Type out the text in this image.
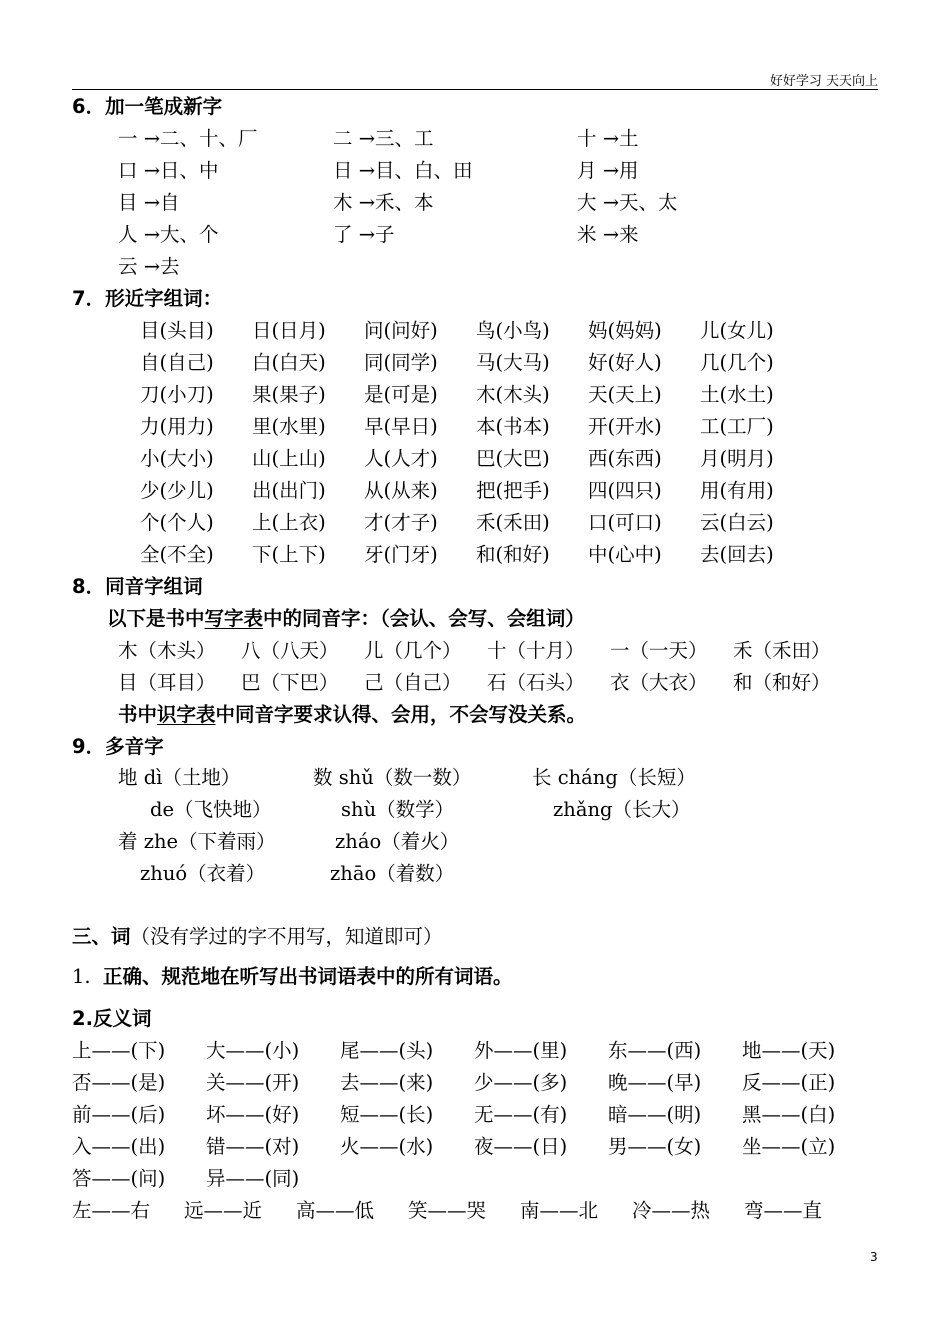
好好学习 天天向上
6．加一笔成新字
一 →二、十、厂	二 →三、工	十 →土
口 →日、中	日 →目、白、田	月 →用
目 →自	木 →禾、本	大 →天、太
人 →大、个	了 →子	米 →来
云 →去
7．形近字组词：
目(头目) 日(日月) 问(问好) 鸟(小鸟) 妈(妈妈) 儿(女儿)
自(自己) 白(白天) 同(同学) 马(大马) 好(好人) 几(几个)
刀(小刀) 果(果子) 是(可是) 木(木头) 天(天上) 土(水土)
力(用力) 里(水里) 早(早日) 本(书本) 开(开水) 工(工厂)
小(大小) 山(上山) 人(人才) 巴(大巴) 西(东西) 月(明月)
少(少儿) 出(出门) 从(从来) 把(把手) 四(四只) 用(有用)
个(个人) 上(上衣) 才(才子) 禾(禾田) 口(可口) 云(白云)
全(不全) 下(上下) 牙(门牙) 和(和好) 中(心中) 去(回去)
8．同音字组词
以下是书中写字表中的同音字：（会认、会写、会组词）
木（木头） 八（八天） 儿（几个） 十（十月） 一（一天） 禾（禾田）
目（耳目） 巴（下巴） 己（自己） 石（石头） 衣（大衣） 和（和好）
书中识字表中同音字要求认得、会用，不会写没关系。
9．多音字
地 dì（土地）	数 shǔ（数一数）	长 cháng（长短）
de（飞快地）	shù（数学）	zhǎng（长大）
着 zhe（下着雨）	zháo（着火）
zhuó（衣着）	zhāo（着数）
三、词（没有学过的字不用写，知道即可）
1. 正确、规范地在听写出书词语表中的所有词语。
2.反义词
上——(下) 大——(小) 尾——(头) 外——(里) 东——(西) 地——(天)
否——(是) 关——(开) 去——(来) 少——(多) 晚——(早) 反——(正)
前——(后) 坏——(好) 短——(长) 无——(有) 暗——(明) 黑——(白)
入——(出) 错——(对) 火——(水) 夜——(日) 男——(女) 坐——(立)
答——(问) 异——(同)
左——右 远——近 高——低 笑——哭 南——北 冷——热 弯——直
3
